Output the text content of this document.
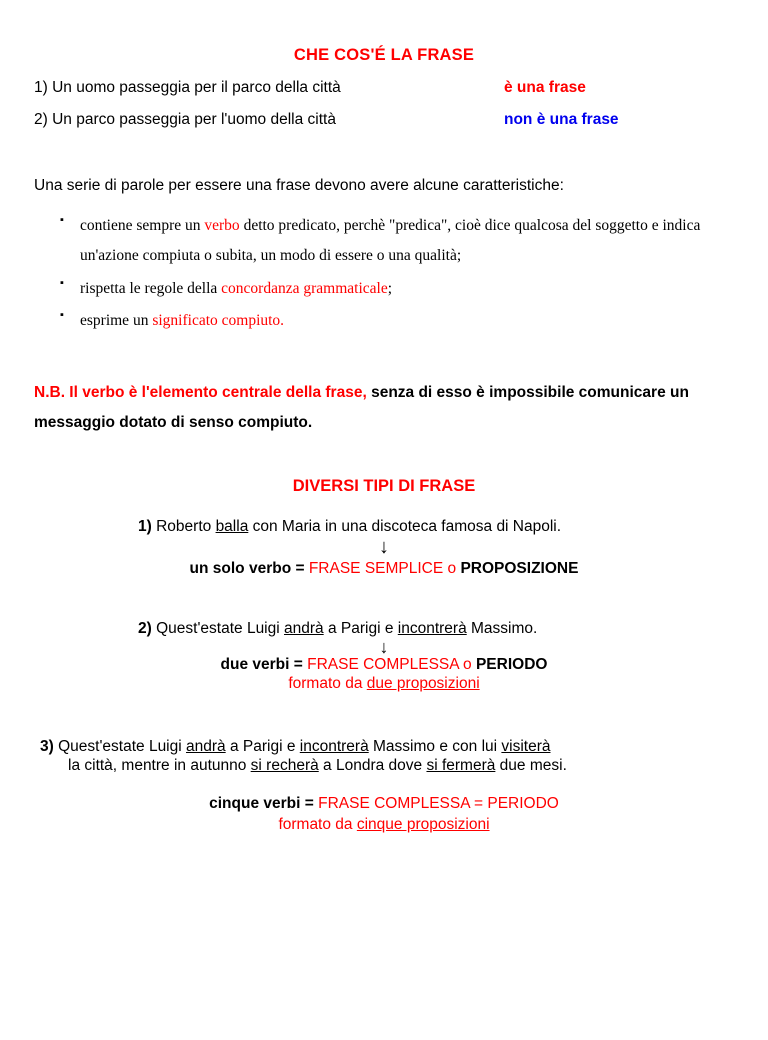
CHE COS'É LA FRASE
1) Un uomo passeggia per il parco della città	è una frase
2) Un parco passeggia per l'uomo della città	non è una frase
Una serie di parole per essere una frase devono avere alcune caratteristiche:
▪ contiene sempre un verbo detto predicato, perchè "predica", cioè dice qualcosa del soggetto e indica un'azione compiuta o subita, un modo di essere o una qualità;
▪ rispetta le regole della concordanza grammaticale;
▪ esprime un significato compiuto.
N.B. Il verbo è l'elemento centrale della frase, senza di esso è impossibile comunicare un messaggio dotato di senso compiuto.
DIVERSI TIPI DI FRASE
1) Roberto balla con Maria in una discoteca famosa di Napoli.
↓
un solo verbo = FRASE SEMPLICE o PROPOSIZIONE
2) Quest'estate Luigi andrà a Parigi e incontrerà Massimo.
↓
due verbi = FRASE COMPLESSA o PERIODO
formato da due proposizioni
3) Quest'estate Luigi andrà a Parigi e incontrerà Massimo e con lui visiterà
la città, mentre in autunno si recherà a Londra dove si fermerà due mesi.
cinque verbi = FRASE COMPLESSA = PERIODO
formato da cinque proposizioni
